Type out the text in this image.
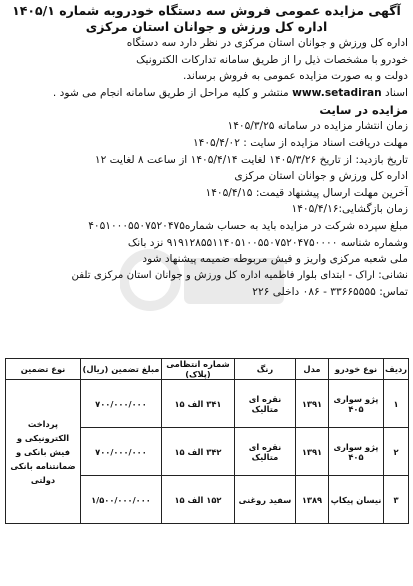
آگهی مزایده عمومی فروش سه دستگاه خودروبه شماره ۱۴۰۵/۱
اداره کل ورزش و جوانان استان مرکزی

اداره کل ورزش و جوانان استان مرکزی در نظر دارد سه دستگاه

خودرو با مشخصات ذیل را از طریق سامانه تدارکات الکترونیک

دولت و به صورت مزایده عمومی به فروش برساند.

اسناد www.setadiran منتشر و کلیه مراحل از طریق سامانه انجام می شود .

مزایده در سایت
زمان انتشار مزایده در سامانه ۱۴۰۵/۳/۲۵
مهلت دریافت اسناد مزایده از سایت : ۱۴۰۵/۴/۰۲
تاریخ بازدید: از تاریخ ۱۴۰۵/۳/۲۶ لغایت ۱۴۰۵/۴/۱۴ از ساعت ۸ لغایت ۱۲
اداره کل ورزش و جوانان استان مرکزی
آخرین مهلت ارسال پیشنهاد قیمت: ۱۴۰۵/۴/۱۵
زمان بازگشایی:۱۴۰۵/۴/۱۶
مبلغ سپرده شرکت در مزایده باید به حساب شماره۴۰۵۱۰۰۰۵۵۰۷۵۲۰۴۷۵
وشماره شناسه ۹۱۹۱۲۸۵۵۱۱۴۰۵۱۰۰۵۵۰۷۵۲۰۴۷۵۰۰۰۰ نزد بانک
ملی شعبه مرکزی واریز و فیش مربوطه ضمیمه پیشنهاد شود
نشانی: اراک - ابتدای بلوار فاطمیه اداره کل ورزش و جوانان استان مرکزی تلفن
تماس: ۳۳۶۶۵۵۵۵ - ۰۸۶ داخلی ۲۲۶
ردیف	نوع خودرو	مدل	رنگ	شماره انتظامی (پلاک)	مبلغ تضمین (ریال)	نوع تضمین
۱	پژو سواری ۴۰۵	۱۳۹۱	نقره ای متالیک	۳۴۱ الف ۱۵	۷۰۰/۰۰۰/۰۰۰	پرداخت الکترونیکی و فیش بانکی و ضمانتنامه بانکی دولتی
۲	پژو سواری ۴۰۵	۱۳۹۱	نقره ای متالیک	۳۴۲ الف ۱۵	۷۰۰/۰۰۰/۰۰۰	
۳	نیسان پیکاپ	۱۳۸۹	سفید روغنی	۱۵۲ الف ۱۵	۱/۵۰۰/۰۰۰/۰۰۰	
